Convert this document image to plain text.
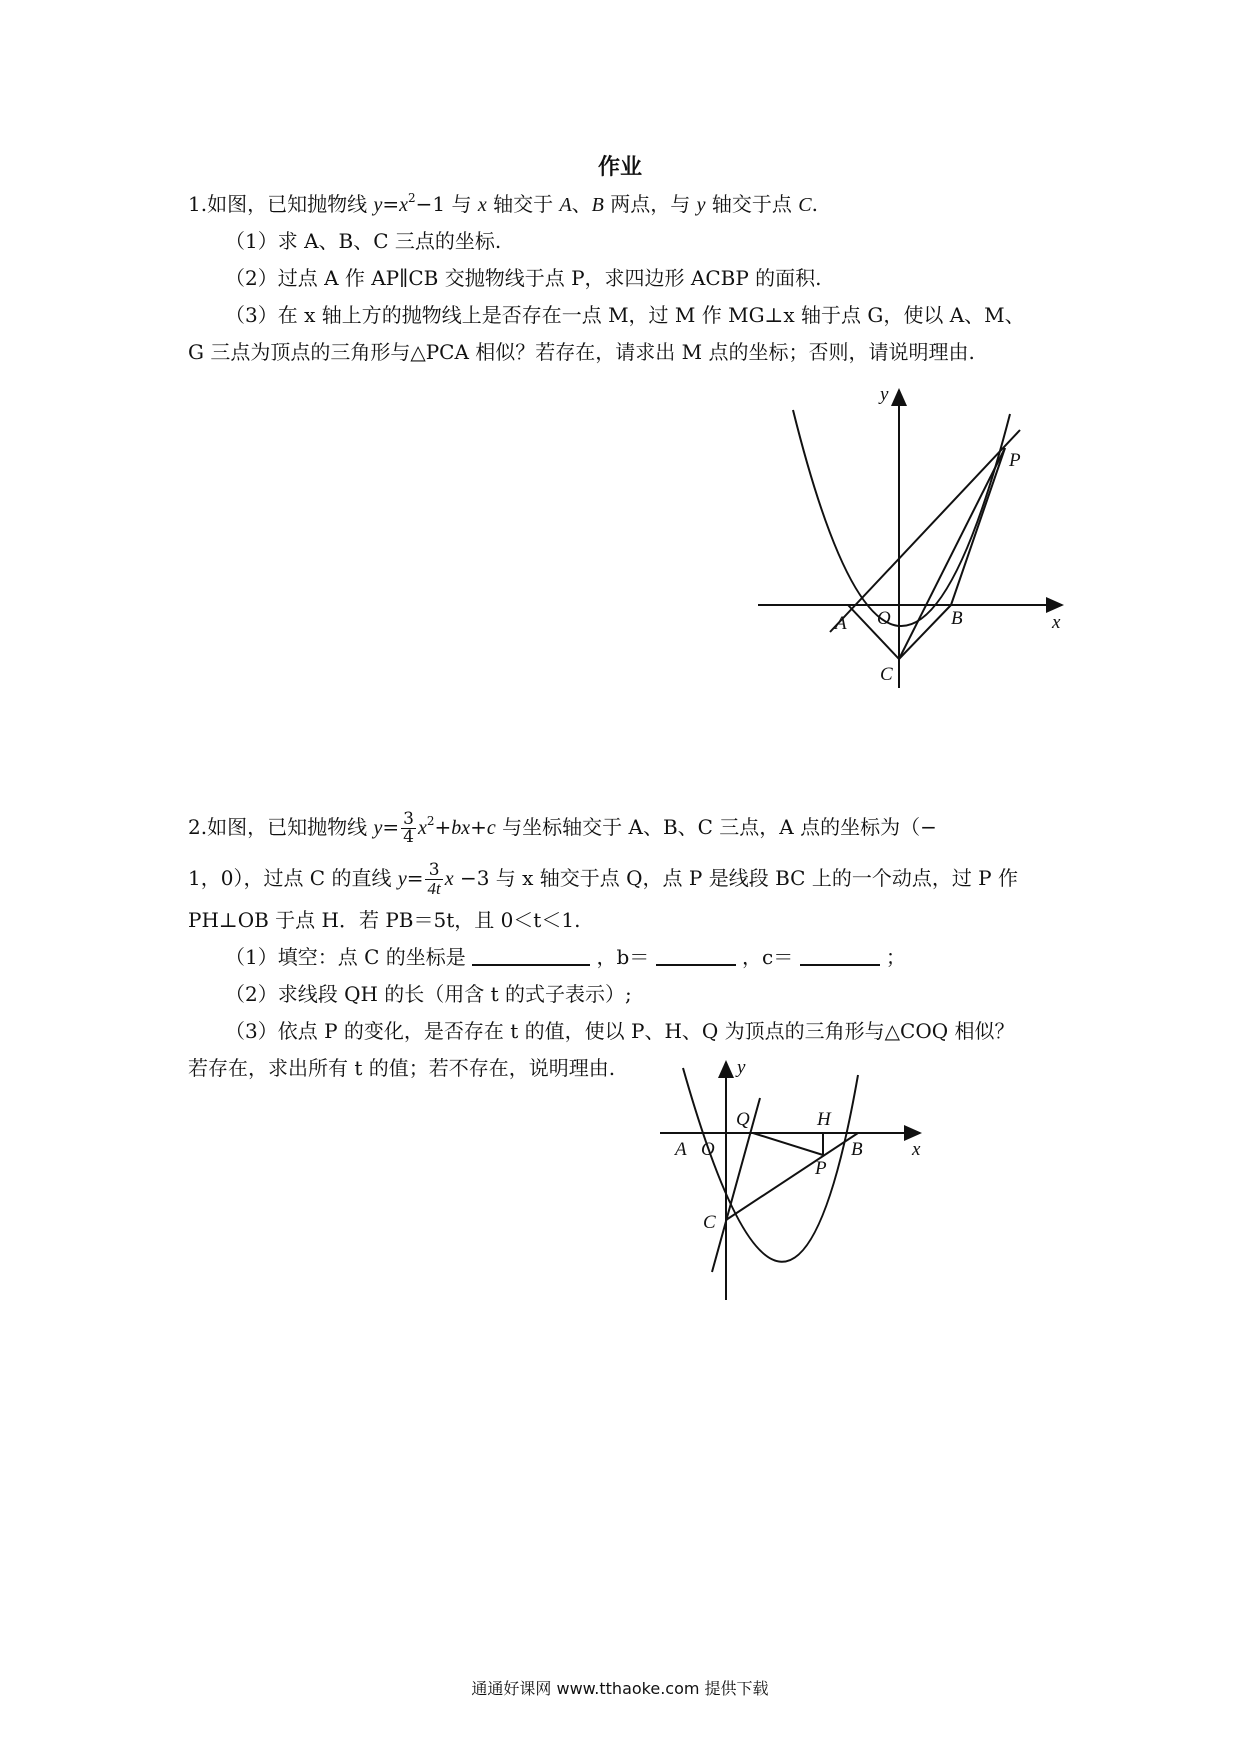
作业
1.如图，已知抛物线 $y=x^2-1$ 与 x 轴交于 A、B 两点，与 y 轴交于点 C.
（1）求 A、B、C 三点的坐标.
（2）过点 A 作 AP∥CB 交抛物线于点 P，求四边形 ACBP 的面积.
（3）在 x 轴上方的抛物线上是否存在一点 M，过 M 作 MG⊥x 轴于点 G，使以 A、M、
G 三点为顶点的三角形与△PCA 相似？若存在，请求出 M 点的坐标；否则，请说明理由.
y
x
P
A O	B
C
2.如图，已知抛物线 $y= \frac{3}{4} x^2+bx+c$ 与坐标轴交于 A、B、C 三点，A 点的坐标为（−
1，0），过点 C 的直线 $y= \frac{3}{4t}$ x −3 与 x 轴交于点 Q，点 P 是线段 BC 上的一个动点，过 P 作
PH⊥OB 于点 H．若 PB＝5t，且 0＜t＜1.
（1）填空：点 C 的坐标是	，b＝	，c＝	；
（2）求线段 QH 的长（用含 t 的式子表示）;
（3）依点 P 的变化，是否存在 t 的值，使以 P、H、Q 为顶点的三角形与△COQ 相似？
若存在，求出所有 t 的值；若不存在，说明理由.	y
x
Q	H
A O	B
P
C
通通好课网 www.tthaoke.com 提供下载
